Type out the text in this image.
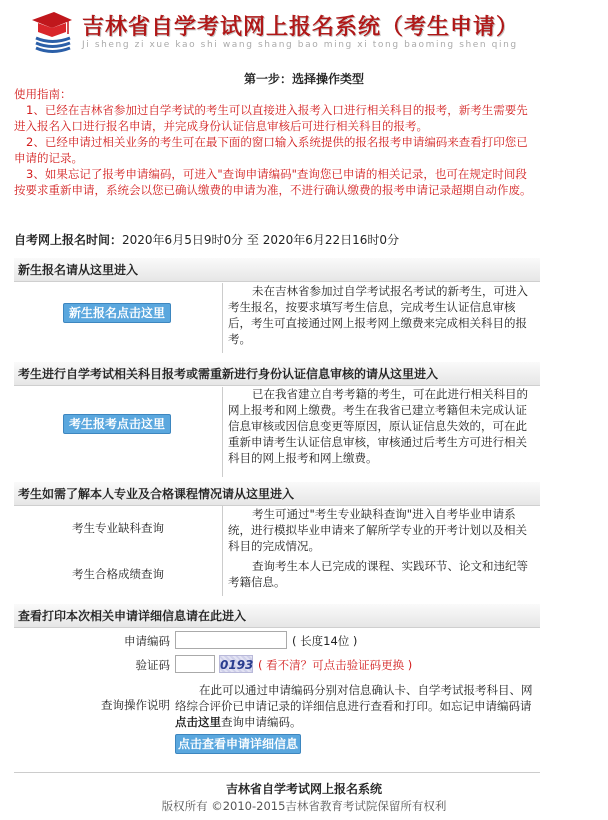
吉林省自学考试网上报名系统（考生申请）
Ji sheng zi xue kao shi wang shang bao ming xi tong baoming shen qing
第一步：选择操作类型

使用指南：

1、已经在吉林省参加过自学考试的考生可以直接进入报考入口进行相关科目的报考，新考生需要先进入报名入口进行报名申请，并完成身份认证信息审核后可进行相关科目的报考。

2、已经申请过相关业务的考生可在最下面的窗口输入系统提供的报名报考申请编码来查看打印您已申请的记录。

3、如果忘记了报考申请编码，可进入"查询申请编码"查询您已申请的相关记录，也可在规定时间段按要求重新申请，系统会以您已确认缴费的申请为准，不进行确认缴费的报考申请记录超期自动作废。

自考网上报名时间：2020年6月5日9时0分 至 2020年6月22日16时0分
新生报名请从这里进入
新生报名点击这里
未在吉林省参加过自学考试报名考试的新考生，可进入考生报名，按要求填写考生信息，完成考生认证信息审核后，考生可直接通过网上报考网上缴费来完成相关科目的报考。
考生进行自学考试相关科目报考或需重新进行身份认证信息审核的请从这里进入
考生报考点击这里
已在我省建立自考考籍的考生，可在此进行相关科目的网上报考和网上缴费。考生在我省已建立考籍但未完成认证信息审核或因信息变更等原因，原认证信息失效的，可在此重新申请考生认证信息审核，审核通过后考生方可进行相关科目的网上报考和网上缴费。
考生如需了解本人专业及合格课程情况请从这里进入
考生专业缺科查询
考生可通过"考生专业缺科查询"进入自考毕业申请系统，进行模拟毕业申请来了解所学专业的开考计划以及相关科目的完成情况。
考生合格成绩查询
查询考生本人已完成的课程、实践环节、论文和违纪等考籍信息。
查看打印本次相关申请详细信息请在此进入
申请编码	( 长度14位 )
验证码	0193 ( 看不清？可点击验证码更换 )
查询操作说明
在此可以通过申请编码分别对信息确认卡、自学考试报考科目、网络综合评价已申请记录的详细信息进行查看和打印。如忘记申请编码请点击这里查询申请编码。
点击查看申请详细信息
吉林省自学考试网上报名系统
版权所有 ©2010-2015吉林省教育考试院保留所有权利
